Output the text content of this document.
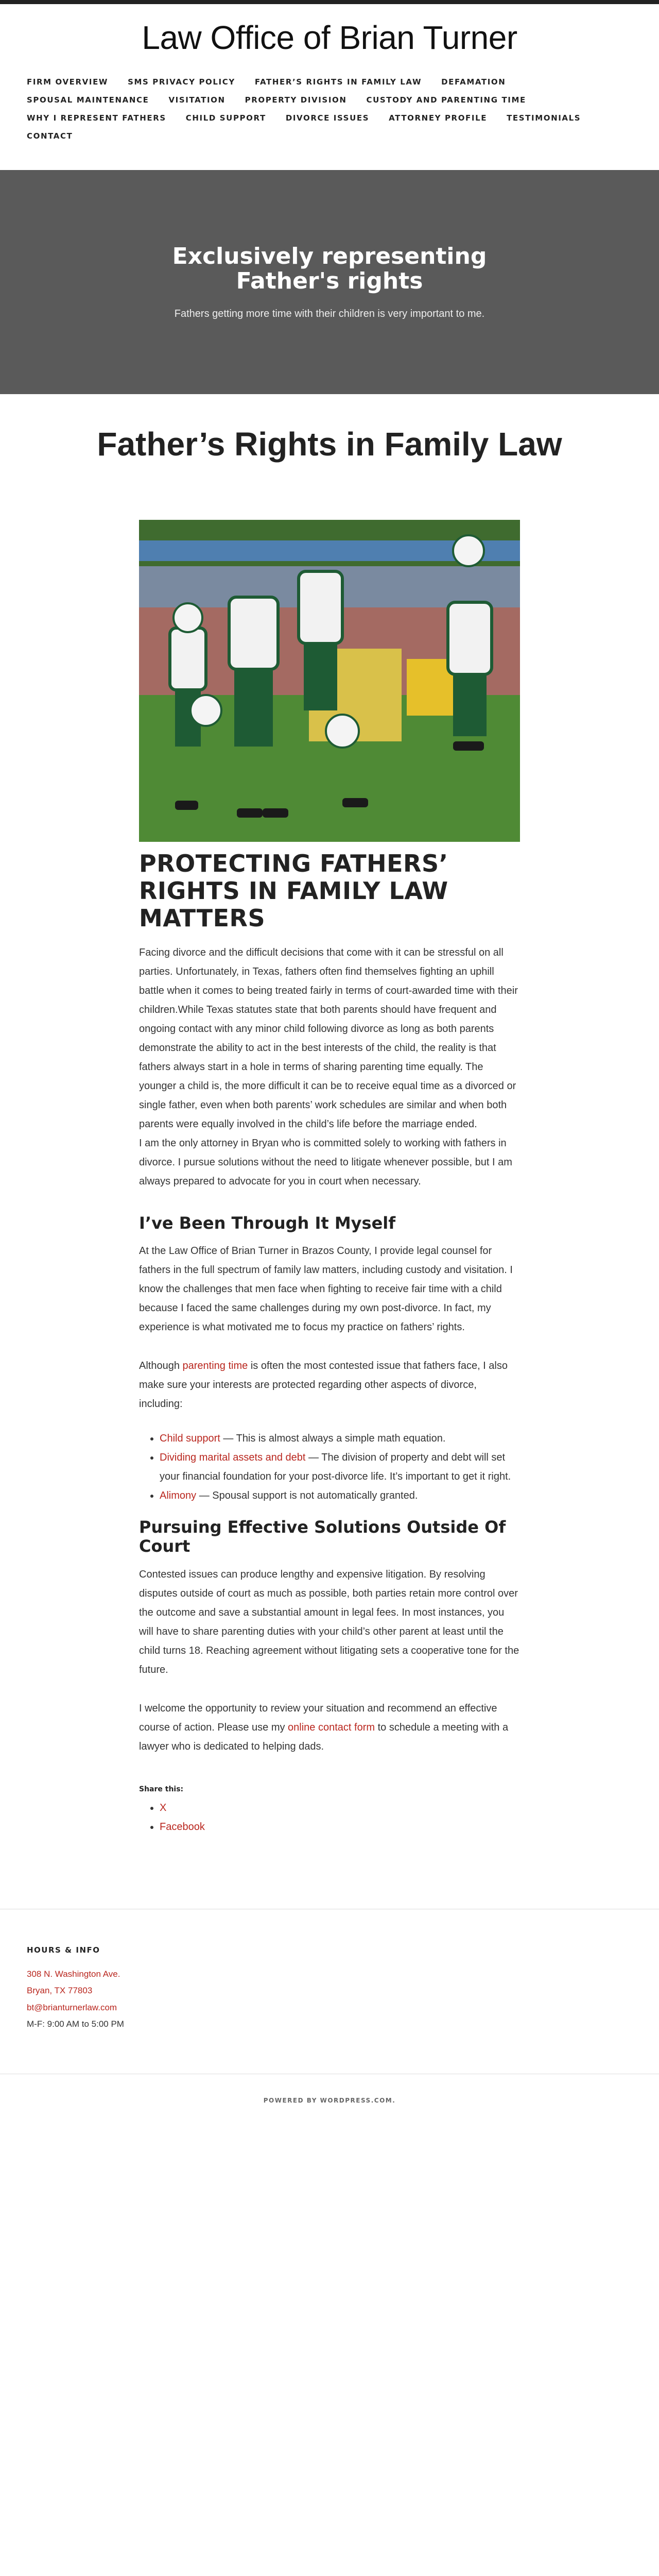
Law Office of Brian Turner
FIRM OVERVIEW	SMS PRIVACY POLICY	FATHER’S RIGHTS IN FAMILY LAW	DEFAMATION
SPOUSAL MAINTENANCE	VISITATION	PROPERTY DIVISION	CUSTODY AND PARENTING TIME
WHY I REPRESENT FATHERS	CHILD SUPPORT	DIVORCE ISSUES	ATTORNEY PROFILE	TESTIMONIALS
CONTACT
Exclusively representing Father's rights

Fathers getting more time with their children is very important to me.

Father’s Rights in Family Law
PROTECTING FATHERS’ RIGHTS IN FAMILY LAW MATTERS

Facing divorce and the difficult decisions that come with it can be stressful on all parties. Unfortunately, in Texas, fathers often find themselves fighting an uphill battle when it comes to being treated fairly in terms of court-awarded time with their children.While Texas statutes state that both parents should have frequent and ongoing contact with any minor child following divorce as long as both parents demonstrate the ability to act in the best interests of the child, the reality is that fathers always start in a hole in terms of sharing parenting time equally. The younger a child is, the more difficult it can be to receive equal time as a divorced or single father, even when both parents’ work schedules are similar and when both parents were equally involved in the child’s life before the marriage ended.

I am the only attorney in Bryan who is committed solely to working with fathers in divorce. I pursue solutions without the need to litigate whenever possible, but I am always prepared to advocate for you in court when necessary.

I’ve Been Through It Myself

At the Law Office of Brian Turner in Brazos County, I provide legal counsel for fathers in the full spectrum of family law matters, including custody and visitation. I know the challenges that men face when fighting to receive fair time with a child because I faced the same challenges during my own post-divorce. In fact, my experience is what motivated me to focus my practice on fathers’ rights.

Although parenting time is often the most contested issue that fathers face, I also make sure your interests are protected regarding other aspects of divorce, including:

• Child support — This is almost always a simple math equation.
• Dividing marital assets and debt — The division of property and debt will set your financial foundation for your post-divorce life. It’s important to get it right.
• Alimony — Spousal support is not automatically granted.
Pursuing Effective Solutions Outside Of Court

Contested issues can produce lengthy and expensive litigation. By resolving disputes outside of court as much as possible, both parties retain more control over the outcome and save a substantial amount in legal fees. In most instances, you will have to share parenting duties with your child’s other parent at least until the child turns 18. Reaching agreement without litigating sets a cooperative tone for the future.

I welcome the opportunity to review your situation and recommend an effective course of action. Please use my online contact form to schedule a meeting with a lawyer who is dedicated to helping dads.

Share this:
• X
• Facebook
HOURS & INFO

308 N. Washington Ave.

Bryan, TX 77803

bt@brianturnerlaw.com

M-F: 9:00 AM to 5:00 PM

POWERED BY WORDPRESS.COM.
